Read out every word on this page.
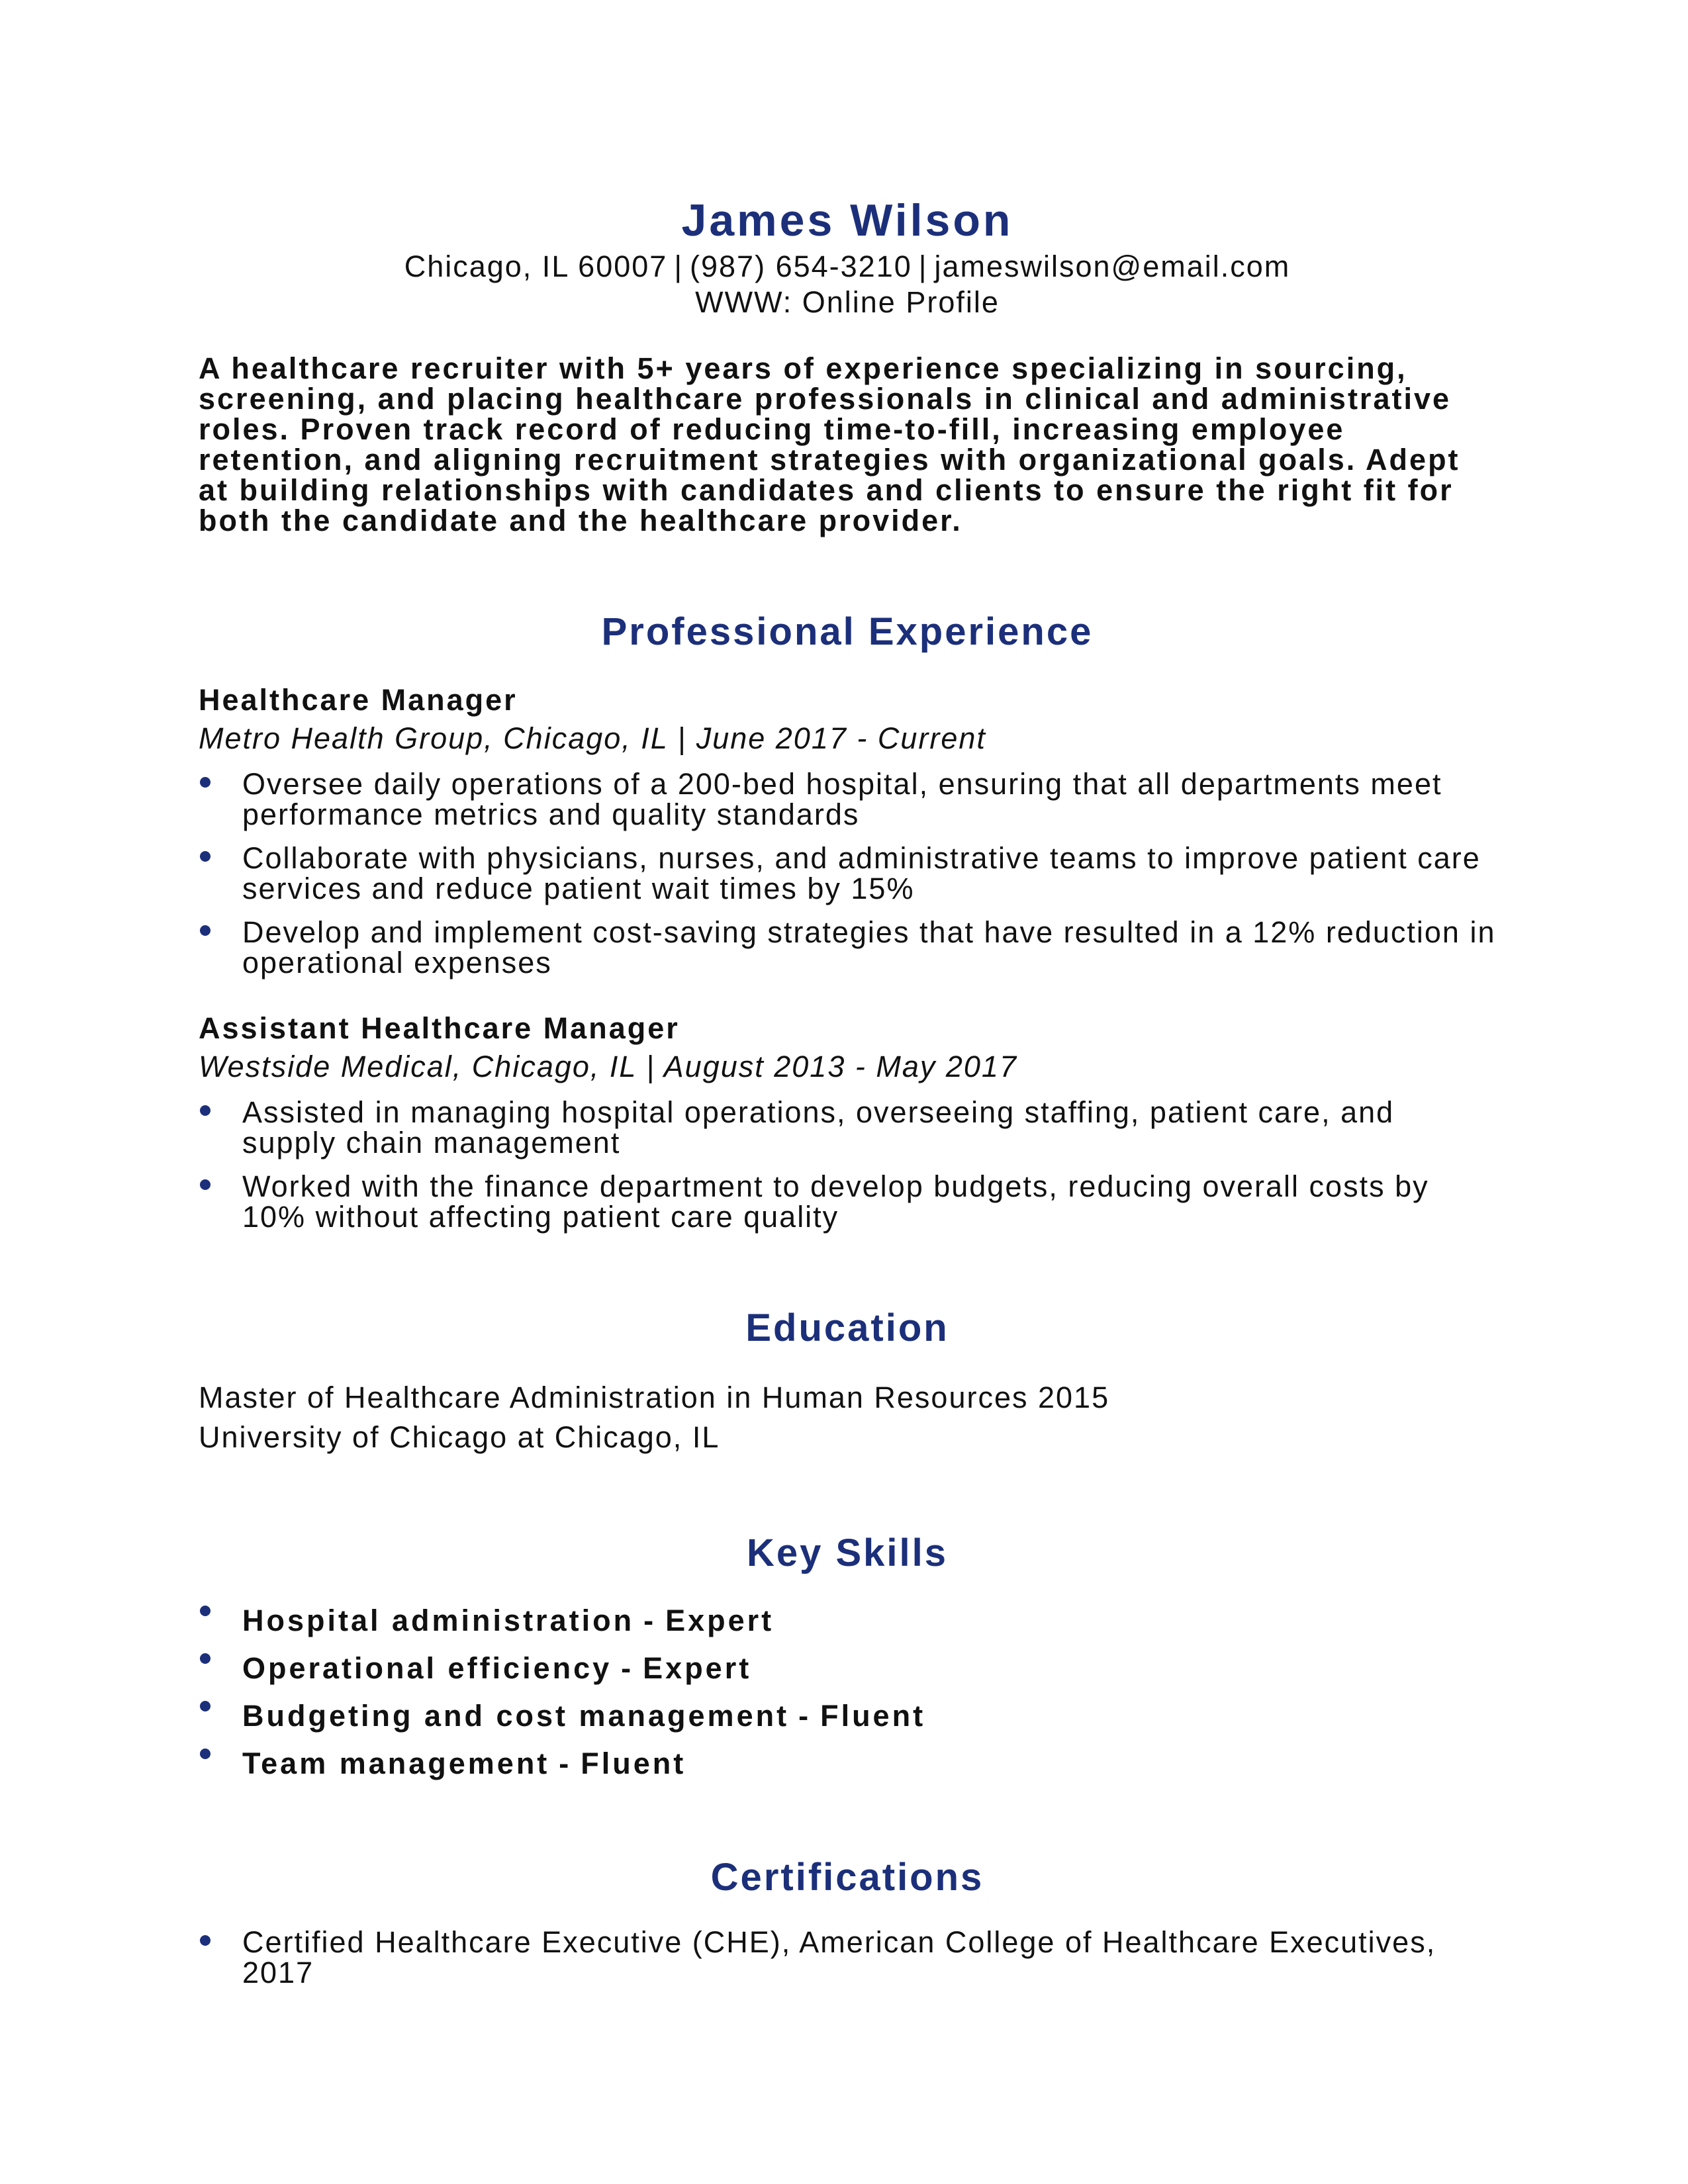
James Wilson
Chicago, IL 60007 | (987) 654-3210 | jameswilson@email.com
WWW: Online Profile
A healthcare recruiter with 5+ years of experience specializing in sourcing, screening, and placing healthcare professionals in clinical and administrative roles. Proven track record of reducing time-to-fill, increasing employee retention, and aligning recruitment strategies with organizational goals. Adept at building relationships with candidates and clients to ensure the right fit for both the candidate and the healthcare provider.
Professional Experience
Healthcare Manager
Metro Health Group, Chicago, IL | June 2017 - Current
Oversee daily operations of a 200-bed hospital, ensuring that all departments meet performance metrics and quality standards
Collaborate with physicians, nurses, and administrative teams to improve patient care services and reduce patient wait times by 15%
Develop and implement cost-saving strategies that have resulted in a 12% reduction in operational expenses
Assistant Healthcare Manager
Westside Medical, Chicago, IL | August 2013 - May 2017
Assisted in managing hospital operations, overseeing staffing, patient care, and supply chain management
Worked with the finance department to develop budgets, reducing overall costs by 10% without affecting patient care quality
Education
Master of Healthcare Administration in Human Resources 2015
University of Chicago at Chicago, IL
Key Skills
Hospital administration - Expert
Operational efficiency - Expert
Budgeting and cost management - Fluent
Team management - Fluent
Certifications
Certified Healthcare Executive (CHE), American College of Healthcare Executives, 2017
